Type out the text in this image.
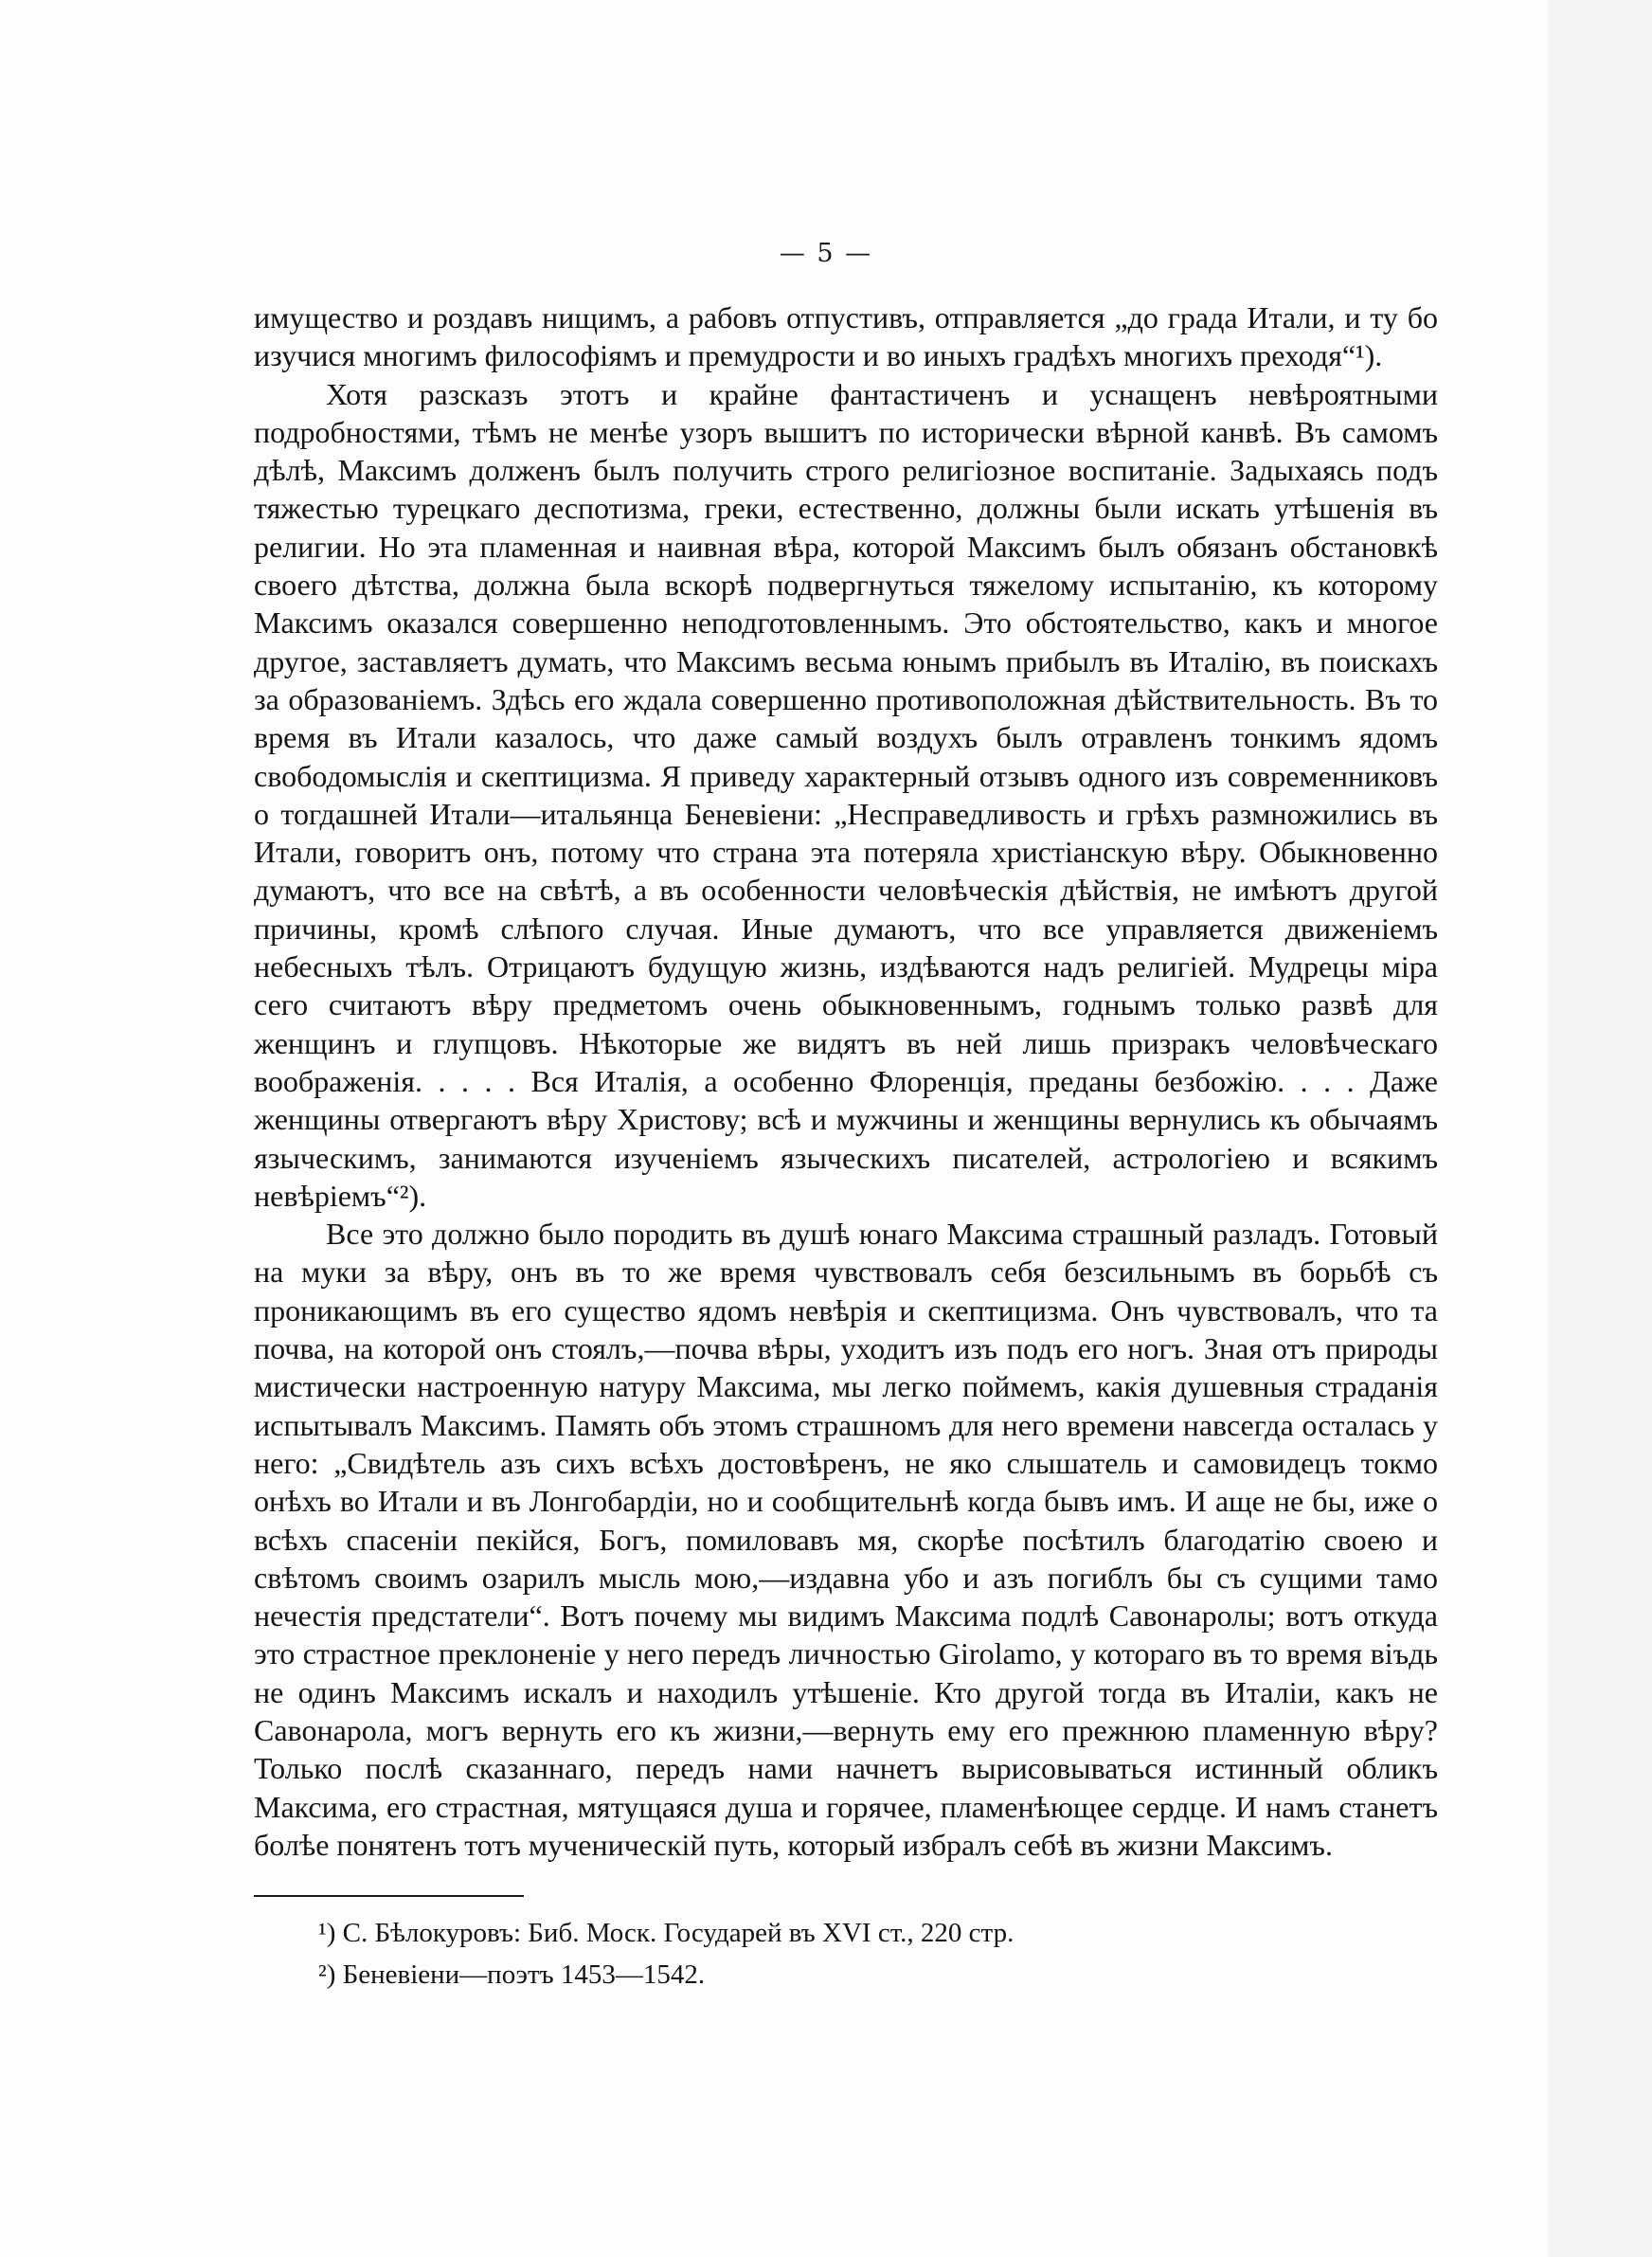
— 5 —

имущество и роздавъ нищимъ, а рабовъ отпустивъ, отправляется „до града Итали, и ту бо изучися многимъ философіямъ и премудрости и во иныхъ градѣхъ многихъ преходя“¹).

Хотя разсказъ этотъ и крайне фантастиченъ и уснащенъ невѣроятными подробностями, тѣмъ не менѣе узоръ вышитъ по исторически вѣрной канвѣ. Въ самомъ дѣлѣ, Максимъ долженъ былъ получить строго религіозное воспитаніе. Задыхаясь подъ тяжестью турецкаго деспотизма, греки, естественно, должны были искать утѣшенія въ религии. Но эта пламенная и наивная вѣра, которой Максимъ былъ обязанъ обстановкѣ своего дѣтства, должна была вскорѣ подвергнуться тяжелому испытанію, къ которому Максимъ оказался совершенно неподготовленнымъ. Это обстоятельство, какъ и многое другое, заставляетъ думать, что Максимъ весьма юнымъ прибылъ въ Италію, въ поискахъ за образованіемъ. Здѣсь его ждала совершенно противоположная дѣйствительность. Въ то время въ Итали казалось, что даже самый воздухъ былъ отравленъ тонкимъ ядомъ свободомыслія и скептицизма. Я приведу характерный отзывъ одного изъ современниковъ о тогдашней Итали—итальянца Беневіени: „Несправедливость и грѣхъ размножились въ Итали, говоритъ онъ, потому что страна эта потеряла христіанскую вѣру. Обыкновенно думаютъ, что все на свѣтѣ, а въ особенности человѣческія дѣйствія, не имѣютъ другой причины, кромѣ слѣпого случая. Иные думаютъ, что все управляется движеніемъ небесныхъ тѣлъ. Отрицаютъ будущую жизнь, издѣваются надъ религіей. Мудрецы міра сего считаютъ вѣру предметомъ очень обыкновеннымъ, годнымъ только развѣ для женщинъ и глупцовъ. Нѣкоторые же видятъ въ ней лишь призракъ человѣческаго воображенія. . . . . Вся Италія, а особенно Флоренція, преданы безбожію. . . . Даже женщины отвергаютъ вѣру Христову; всѣ и мужчины и женщины вернулись къ обычаямъ языческимъ, занимаются изученіемъ языческихъ писателей, астрологіею и всякимъ невѣріемъ“²).

Все это должно было породить въ душѣ юнаго Максима страшный разладъ. Готовый на муки за вѣру, онъ въ то же время чувствовалъ себя безсильнымъ въ борьбѣ съ проникающимъ въ его существо ядомъ невѣрія и скептицизма. Онъ чувствовалъ, что та почва, на которой онъ стоялъ,—почва вѣры, уходитъ изъ подъ его ногъ. Зная отъ природы мистически настроенную натуру Максима, мы легко поймемъ, какія душевныя страданія испытывалъ Максимъ. Память объ этомъ страшномъ для него времени навсегда осталась у него: „Свидѣтель азъ сихъ всѣхъ достовѣренъ, не яко слышатель и самовидецъ токмо онѣхъ во Итали и въ Лонгобардіи, но и сообщительнѣ когда бывъ имъ. И аще не бы, иже о всѣхъ спасеніи пекійся, Богъ, помиловавъ мя, скорѣе посѣтилъ благодатію своею и свѣтомъ своимъ озарилъ мысль мою,—издавна убо и азъ погиблъ бы съ сущими тамо нечестія предстатели“. Вотъ почему мы видимъ Максима подлѣ Савонаролы; вотъ откуда это страстное преклоненіе у него передъ личностью Girolamo, у котораго въ то время віъдь не одинъ Максимъ искалъ и находилъ утѣшеніе. Кто другой тогда въ Италіи, какъ не Савонарола, могъ вернуть его къ жизни,—вернуть ему его прежнюю пламенную вѣру? Только послѣ сказаннаго, передъ нами начнетъ вырисовываться истинный обликъ Максима, его страстная, мятущаяся душа и горячее, пламенѣющее сердце. И намъ станетъ болѣе понятенъ тотъ мученическій путь, который избралъ себѣ въ жизни Максимъ.

¹) С. Бѣлокуровъ: Биб. Моск. Государей въ XVI ст., 220 стр.

²) Беневіени—поэтъ 1453—1542.
